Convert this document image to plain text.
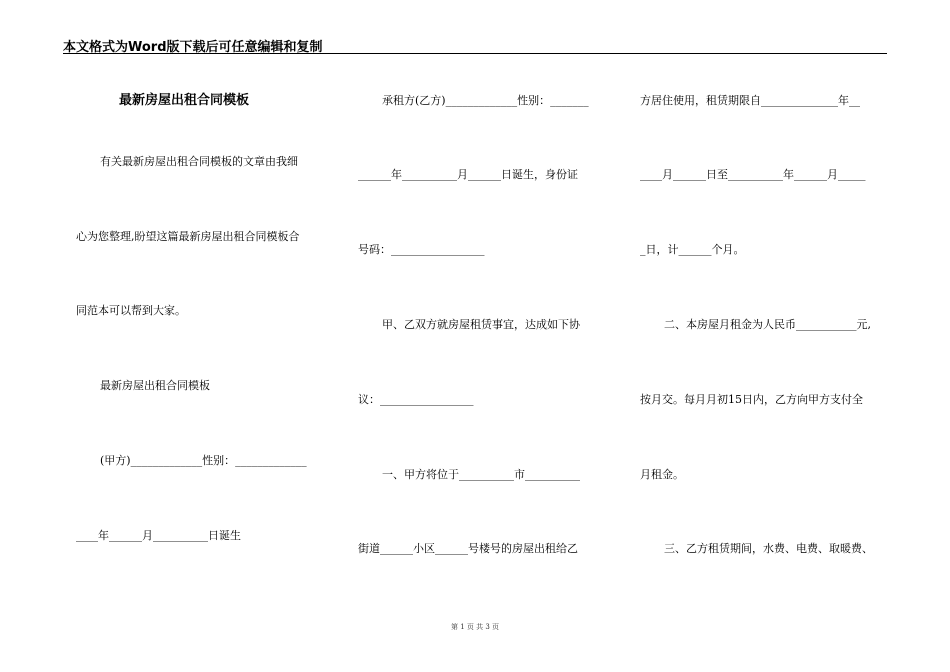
本文格式为Word版下载后可任意编辑和复制
最新房屋出租合同模板
有关最新房屋出租合同模板的文章由我细
心为您整理,盼望这篇最新房屋出租合同模板合
同范本可以帮到大家。
最新房屋出租合同模板
(甲方)_____________性别：_____________
____年______月__________日诞生
承租方(乙方)_____________性别：_______
______年__________月______日诞生，身份证
号码：_________________
甲、乙双方就房屋租赁事宜，达成如下协
议：_________________
一、甲方将位于__________市__________
街道______小区______号楼号的房屋出租给乙
方居住使用，租赁期限自______________年__
____月______日至__________年______月_____
_日，计______个月。
二、本房屋月租金为人民币___________元,
按月交。每月月初15日内，乙方向甲方支付全
月租金。
三、乙方租赁期间，水费、电费、取暖费、
第 1 页 共 3 页
